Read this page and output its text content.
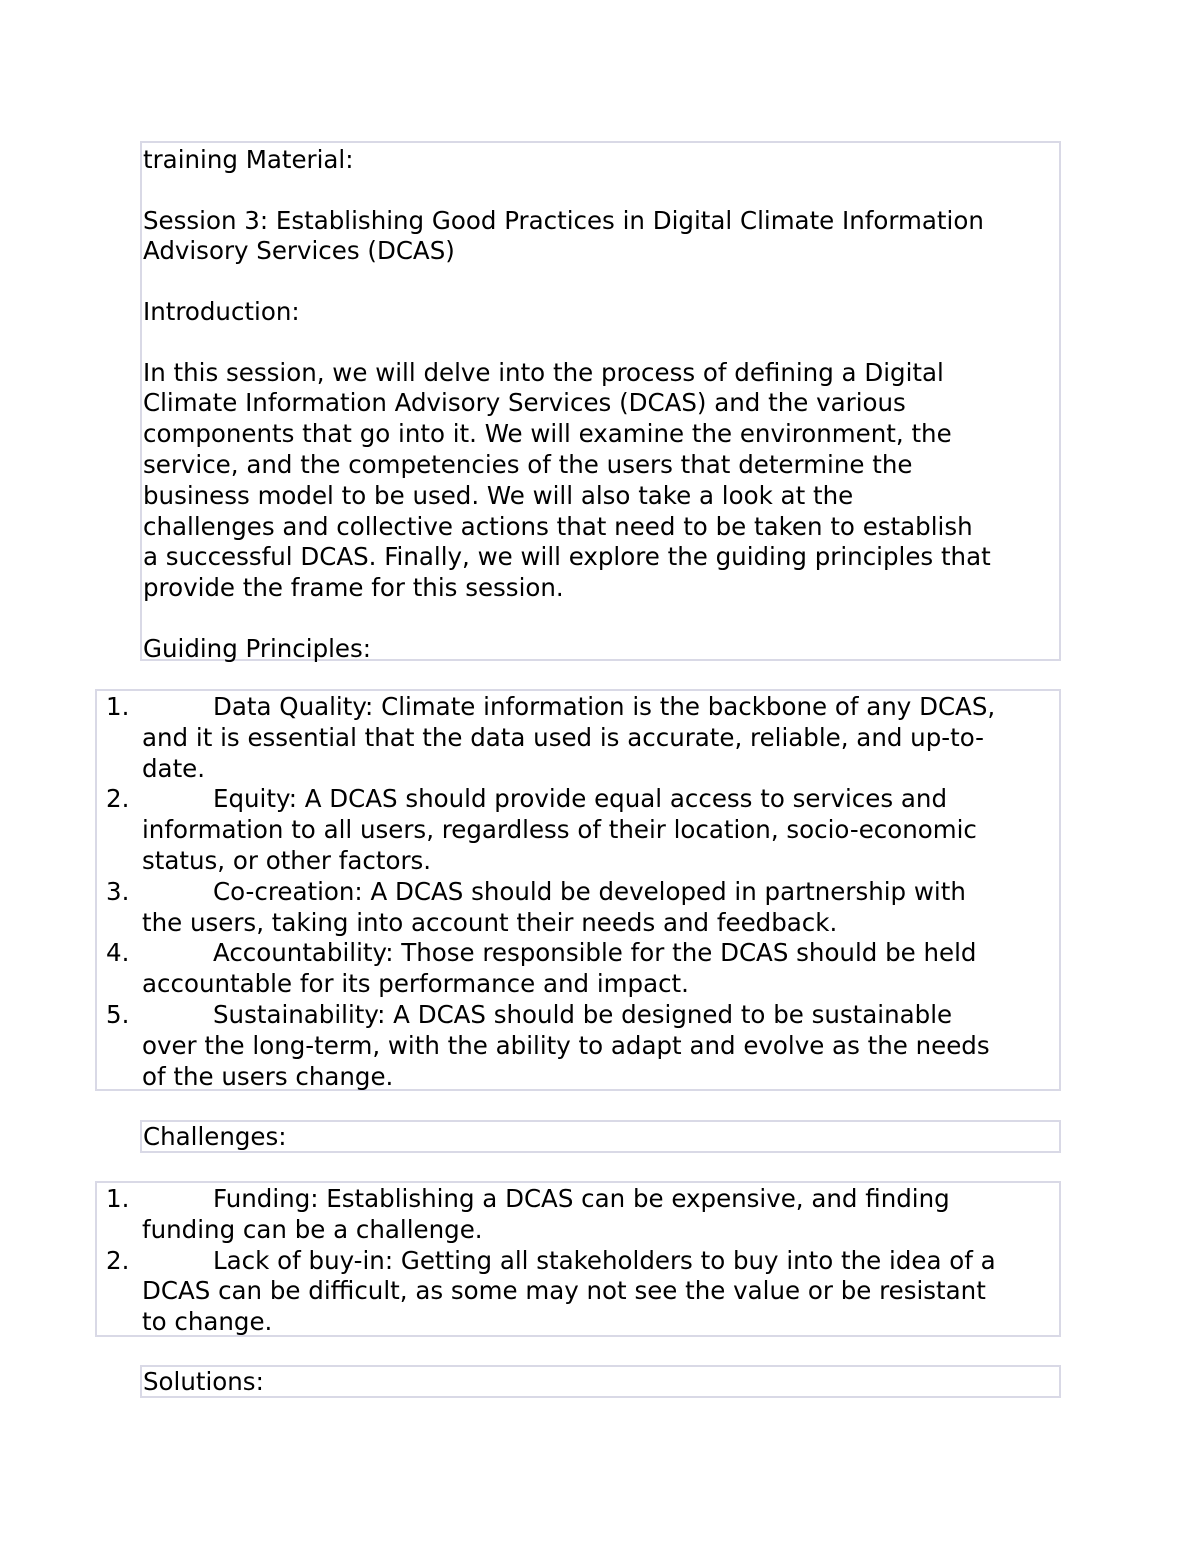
training Material:

Session 3: Establishing Good Practices in Digital Climate Information

Advisory Services (DCAS)

Introduction:

In this session, we will delve into the process of defining a Digital
Climate Information Advisory Services (DCAS) and the various
components that go into it. We will examine the environment, the
service, and the competencies of the users that determine the
business model to be used. We will also take a look at the
challenges and collective actions that need to be taken to establish
a successful DCAS. Finally, we will explore the guiding principles that
provide the frame for this session.

Guiding Principles:

1.	Data Quality: Climate information is the backbone of any DCAS,
and it is essential that the data used is accurate, reliable, and up-to-
date.
2.	Equity: A DCAS should provide equal access to services and
information to all users, regardless of their location, socio-economic
status, or other factors.
3.	Co-creation: A DCAS should be developed in partnership with
the users, taking into account their needs and feedback.
4.	Accountability: Those responsible for the DCAS should be held
accountable for its performance and impact.
5.	Sustainability: A DCAS should be designed to be sustainable
over the long-term, with the ability to adapt and evolve as the needs
of the users change.

Challenges:

1.	Funding: Establishing a DCAS can be expensive, and finding
funding can be a challenge.
2.	Lack of buy-in: Getting all stakeholders to buy into the idea of a
DCAS can be difficult, as some may not see the value or be resistant
to change.

Solutions:
